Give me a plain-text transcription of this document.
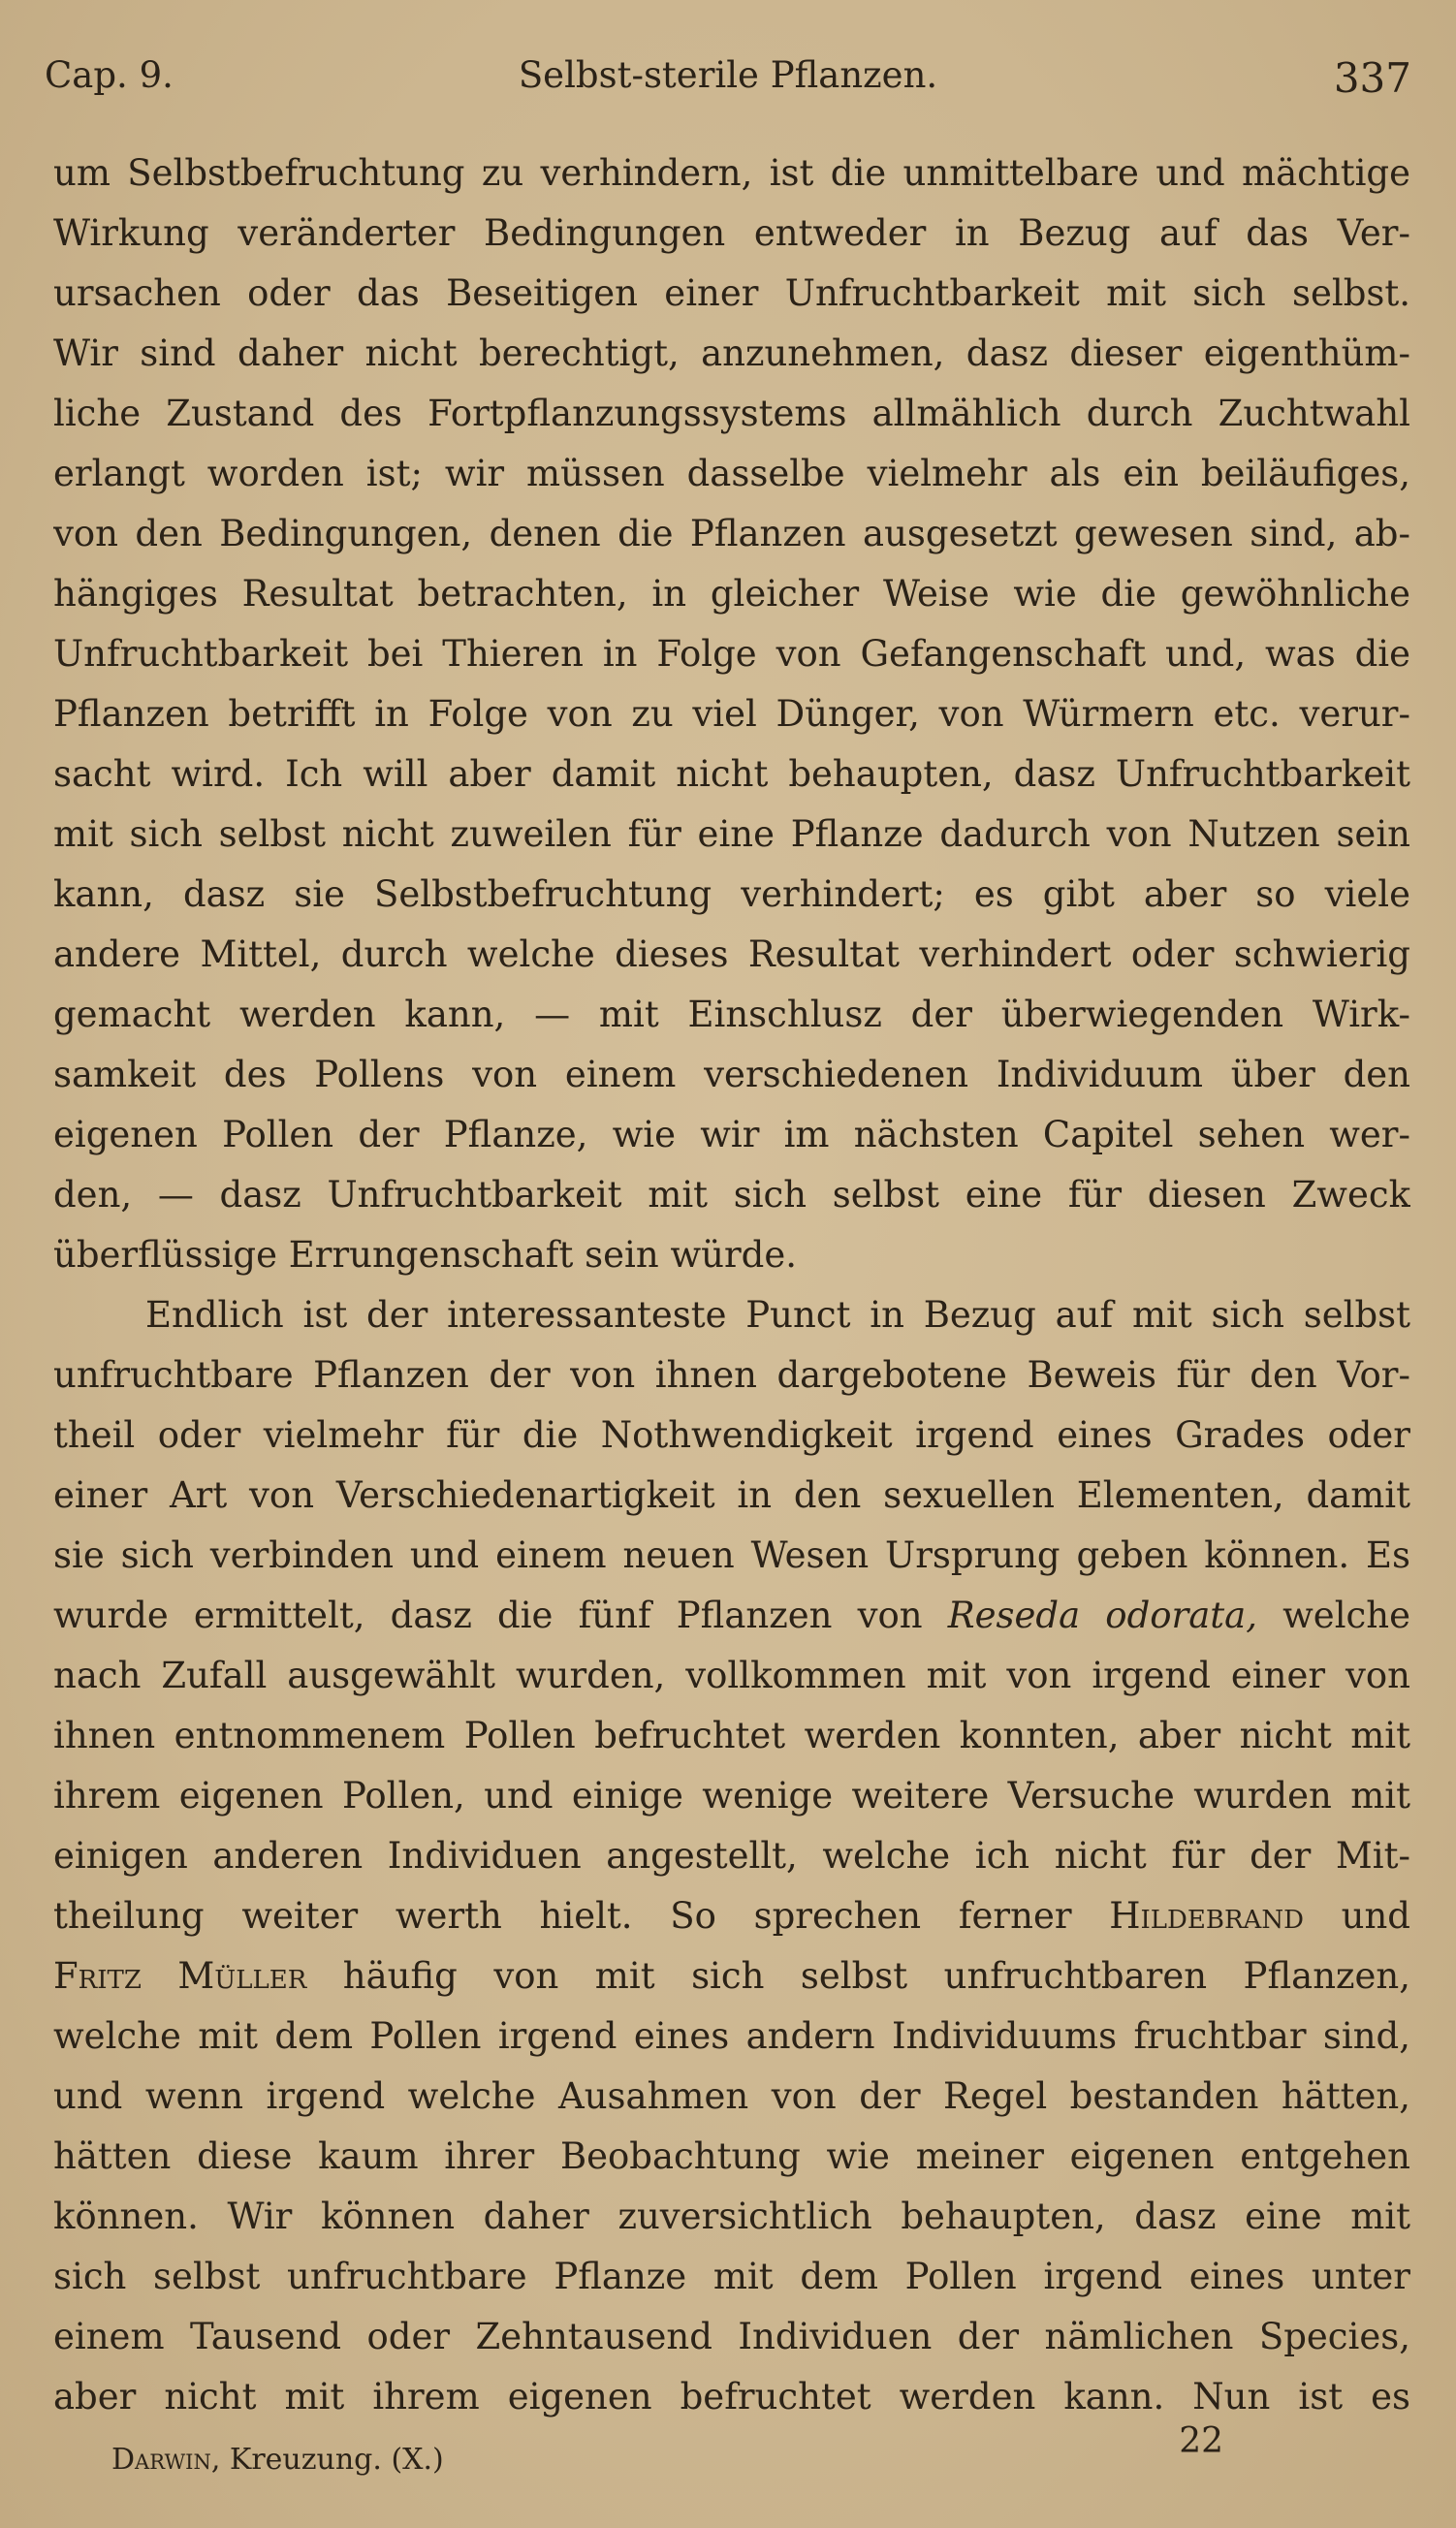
Cap. 9.	Selbst-sterile Pflanzen.	337
um Selbstbefruchtung zu verhindern, ist die unmittelbare und mächtige
Wirkung veränderter Bedingungen entweder in Bezug auf das Ver-
ursachen oder das Beseitigen einer Unfruchtbarkeit mit sich selbst.
Wir sind daher nicht berechtigt, anzunehmen, dasz dieser eigenthüm-
liche Zustand des Fortpflanzungssystems allmählich durch Zuchtwahl
erlangt worden ist; wir müssen dasselbe vielmehr als ein beiläufiges,
von den Bedingungen, denen die Pflanzen ausgesetzt gewesen sind, ab-
hängiges Resultat betrachten, in gleicher Weise wie die gewöhnliche
Unfruchtbarkeit bei Thieren in Folge von Gefangenschaft und, was die
Pflanzen betrifft in Folge von zu viel Dünger, von Würmern etc. verur-
sacht wird. Ich will aber damit nicht behaupten, dasz Unfruchtbarkeit
mit sich selbst nicht zuweilen für eine Pflanze dadurch von Nutzen sein
kann, dasz sie Selbstbefruchtung verhindert; es gibt aber so viele
andere Mittel, durch welche dieses Resultat verhindert oder schwierig
gemacht werden kann, — mit Einschlusz der überwiegenden Wirk-
samkeit des Pollens von einem verschiedenen Individuum über den
eigenen Pollen der Pflanze, wie wir im nächsten Capitel sehen wer-
den, — dasz Unfruchtbarkeit mit sich selbst eine für diesen Zweck
überflüssige Errungenschaft sein würde.
Endlich ist der interessanteste Punct in Bezug auf mit sich selbst
unfruchtbare Pflanzen der von ihnen dargebotene Beweis für den Vor-
theil oder vielmehr für die Nothwendigkeit irgend eines Grades oder
einer Art von Verschiedenartigkeit in den sexuellen Elementen, damit
sie sich verbinden und einem neuen Wesen Ursprung geben können. Es
wurde ermittelt, dasz die fünf Pflanzen von Reseda odorata, welche
nach Zufall ausgewählt wurden, vollkommen mit von irgend einer von
ihnen entnommenem Pollen befruchtet werden konnten, aber nicht mit
ihrem eigenen Pollen, und einige wenige weitere Versuche wurden mit
einigen anderen Individuen angestellt, welche ich nicht für der Mit-
theilung weiter werth hielt. So sprechen ferner Hildebrand und
Fritz Müller häufig von mit sich selbst unfruchtbaren Pflanzen,
welche mit dem Pollen irgend eines andern Individuums fruchtbar sind,
und wenn irgend welche Ausahmen von der Regel bestanden hätten,
hätten diese kaum ihrer Beobachtung wie meiner eigenen entgehen
können. Wir können daher zuversichtlich behaupten, dasz eine mit
sich selbst unfruchtbare Pflanze mit dem Pollen irgend eines unter
einem Tausend oder Zehntausend Individuen der nämlichen Species,
aber nicht mit ihrem eigenen befruchtet werden kann. Nun ist es
Darwin, Kreuzung. (X.)	22
